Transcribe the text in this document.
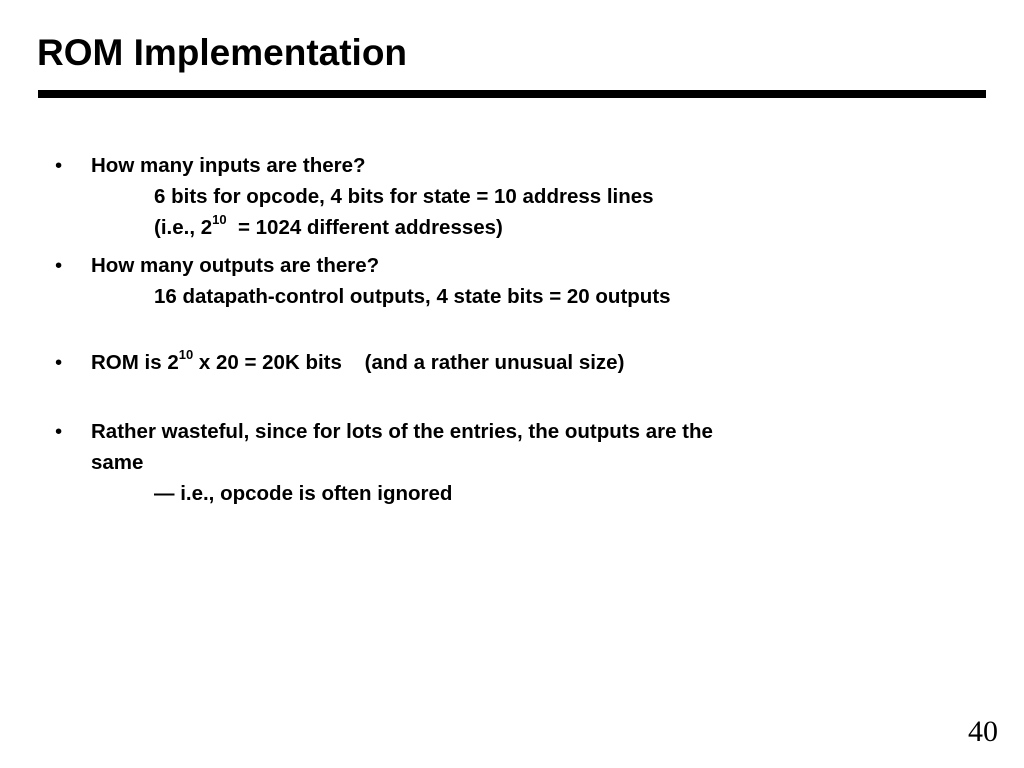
ROM Implementation
• How many inputs are there?
6 bits for opcode, 4 bits for state = 10 address lines
(i.e., $2^{10} = 1024$ different addresses)
• How many outputs are there?
16 datapath-control outputs, 4 state bits = 20 outputs
• ROM is $2^{10}$ x 20 = 20K bits    (and a rather unusual size)
• Rather wasteful, since for lots of the entries, the outputs are the
same
— i.e., opcode is often ignored
40
